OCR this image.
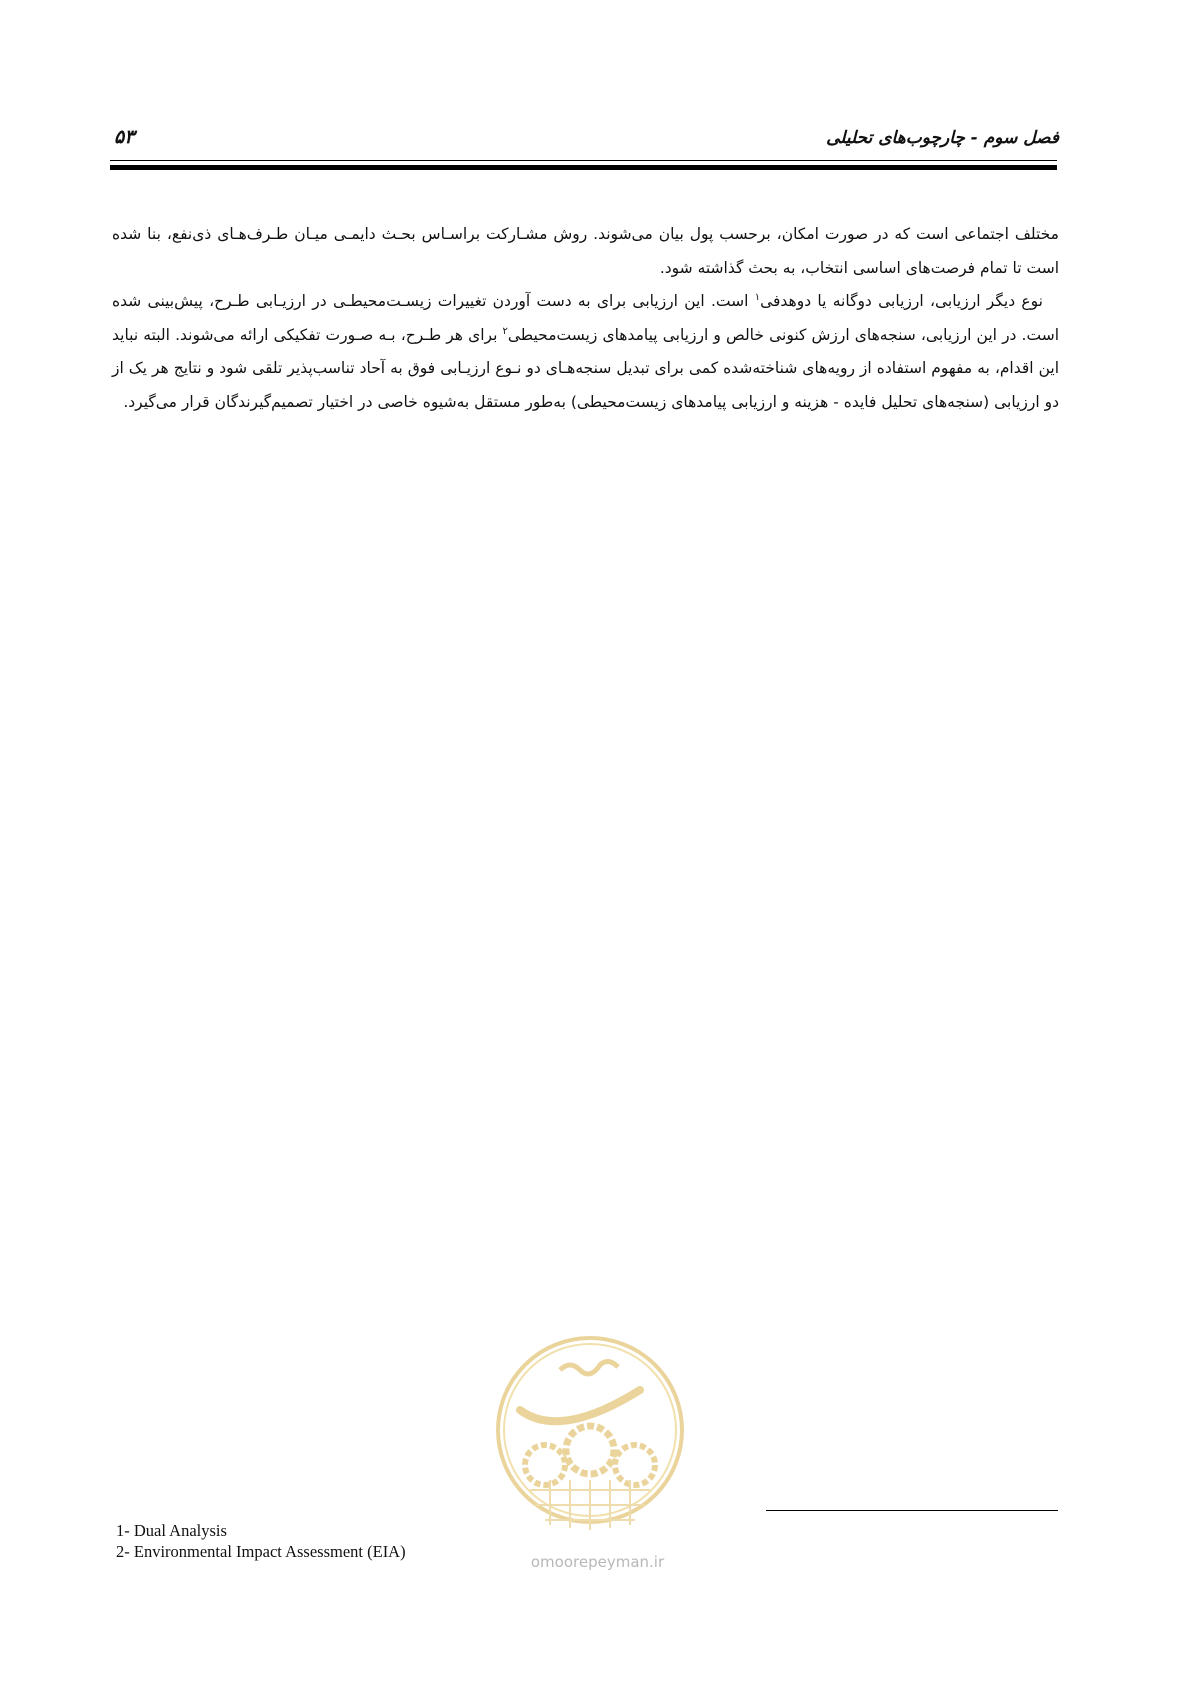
فصل سوم - چارچوب‌های تحلیلی
۵۳

مختلف اجتماعی است که در صورت امکان، برحسب پول بیان می‌شوند. روش مشـارکت براسـاس بحـث دایمـی میـان طـرف‌هـای ذی‌نفع، بنا شده است تا تمام فرصت‌های اساسی انتخاب، به بحث گذاشته شود.

نوع دیگر ارزیابی، ارزیابی دوگانه یا دوهدفی$^۱$ است. این ارزیابی برای به دست آوردن تغییرات زیسـت‌محیطـی در ارزیـابی طـرح، پیش‌بینی شده است. در این ارزیابی، سنجه‌های ارزش کنونی خالص و ارزیابی پیامدهای زیست‌محیطی$^۲$ برای هر طـرح، بـه صـورت تفکیکی ارائه می‌شوند. البته نباید این اقدام، به مفهوم استفاده از رویه‌های شناخته‌شده کمی برای تبدیل سنجه‌هـای دو نـوع ارزیـابی فوق به آحاد تناسب‌پذیر تلقی شود و نتایج هر یک از دو ارزیابی (سنجه‌های تحلیل فایده - هزینه و ارزیابی پیامدهای زیست‌محیطی) به‌طور مستقل به‌شیوه خاصی در اختیار تصمیم‌گیرندگان قرار می‌گیرد.

omoorepeyman.ir
1- Dual Analysis
2- Environmental Impact Assessment (EIA)
